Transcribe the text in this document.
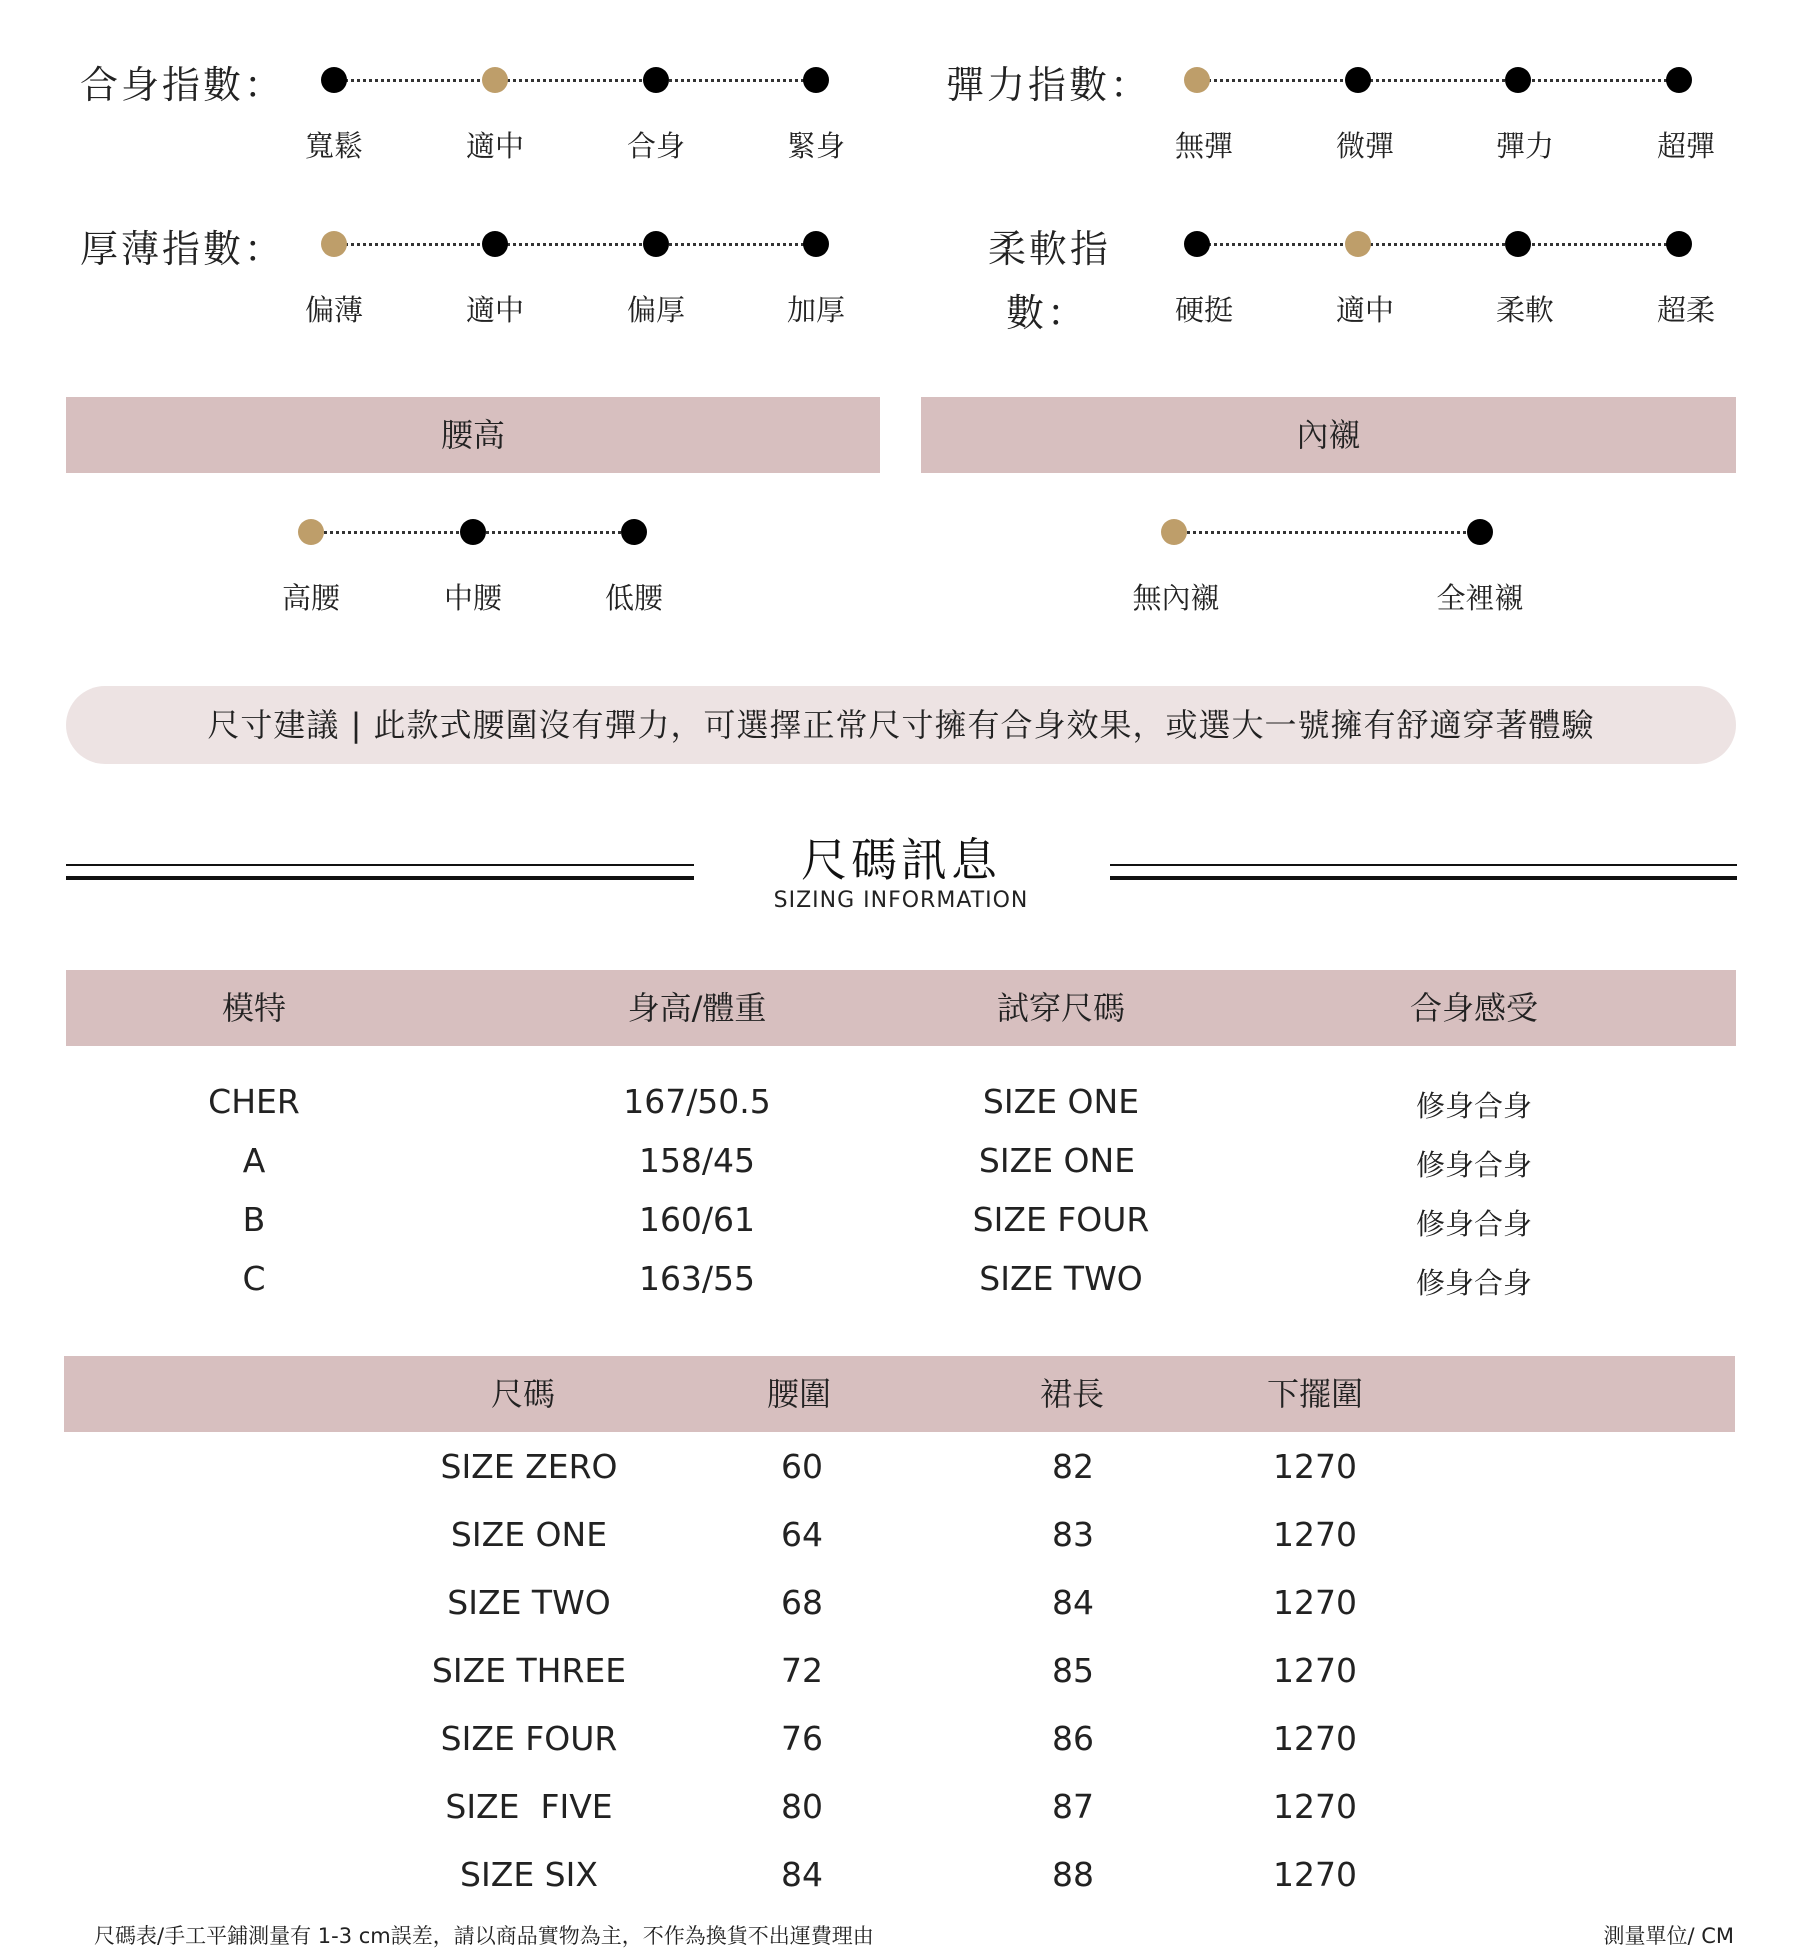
合身指數：
寬鬆	適中	合身	緊身
彈力指數：
無彈	微彈	彈力	超彈
厚薄指數：
偏薄	適中	偏厚	加厚
柔軟指
數：	硬挺	適中	柔軟	超柔
腰高	內襯
高腰	中腰	低腰	無內襯	全裡襯
尺寸建議 | 此款式腰圍沒有彈力，可選擇正常尺寸擁有合身效果，或選大一號擁有舒適穿著體驗
尺碼訊息
SIZING INFORMATION
模特	身高/體重	試穿尺碼	合身感受
CHER	167/50.5	SIZE ONE	修身合身
A	158/45	SIZE ONE	修身合身
B	160/61	SIZE FOUR	修身合身
C	163/55	SIZE TWO	修身合身
尺碼	腰圍	裙長	下擺圍
SIZE ZERO	60	82	1270
SIZE ONE	64	83	1270
SIZE TWO	68	84	1270
SIZE THREE	72	85	1270
SIZE FOUR	76	86	1270
SIZE  FIVE	80	87	1270
SIZE SIX	84	88	1270
尺碼表/手工平鋪測量有 1-3 cm誤差，請以商品實物為主，不作為換貨不出運費理由	測量單位/ CM
